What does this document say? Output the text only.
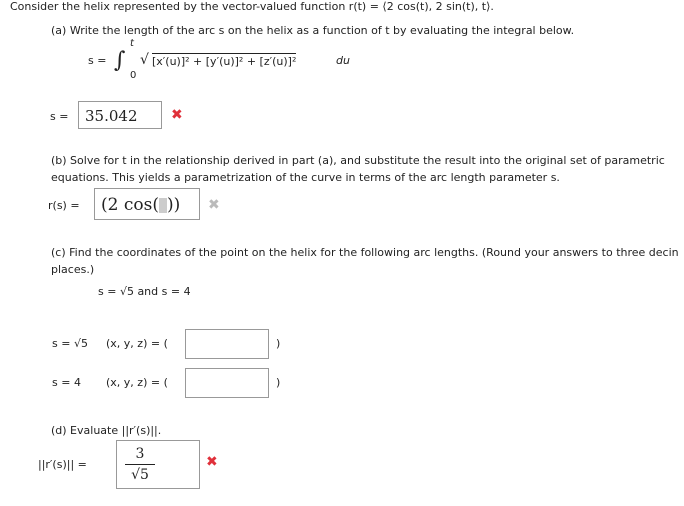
Consider the helix represented by the vector-valued function r(t) = ⟨2 cos(t), 2 sin(t), t⟩.
(a) Write the length of the arc s on the helix as a function of t by evaluating the integral below.
s = ∫
t
0
√ [x′(u)]² + [y′(u)]² + [z′(u)]²	du
s =	35.042	✖
(b) Solve for t in the relationship derived in part (a), and substitute the result into the original set of parametric
equations. This yields a parametrization of the curve in terms of the arc length parameter s.
r(s) =	(2 cos( ))	✖
(c) Find the coordinates of the point on the helix for the following arc lengths. (Round your answers to three decin
places.)
s = √5 and s = 4
s = √5 (x, y, z) = (	)
s = 4 (x, y, z) = (	)
(d) Evaluate ||r′(s)||.
||r′(s)|| =
3
√5
✖
